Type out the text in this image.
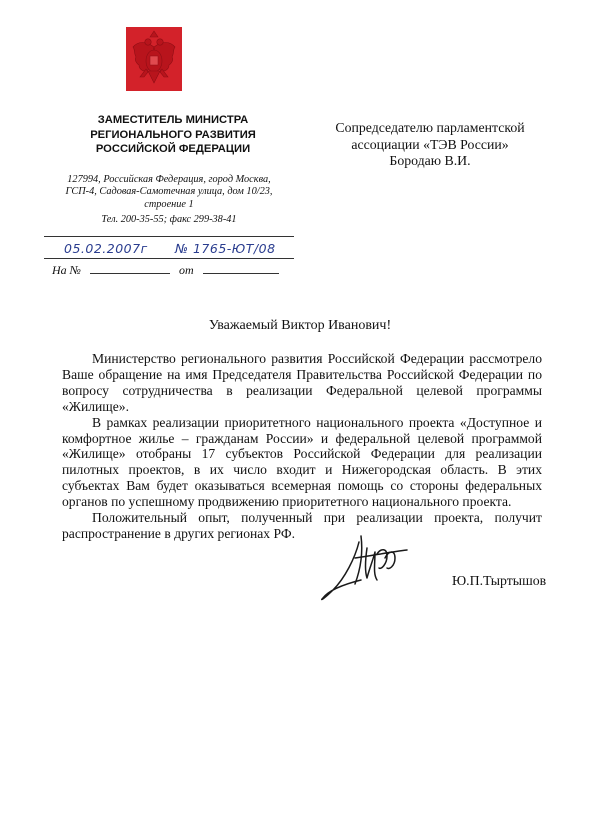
ЗАМЕСТИТЕЛЬ МИНИСТРА
РЕГИОНАЛЬНОГО РАЗВИТИЯ
РОССИЙСКОЙ ФЕДЕРАЦИИ
127994, Российская Федерация, город Москва,
ГСП-4, Садовая-Самотечная улица, дом 10/23,
строение 1
Тел. 200-35-55; факс 299-38-41
05.02.2007г № 1765-ЮТ/08
На №	от
Сопредседателю парламентской
ассоциации «ТЭВ России»
Бородаю В.И.
Уважаемый Виктор Иванович!

Министерство регионального развития Российской Федерации рассмотрело Ваше обращение на имя Председателя Правительства Российской Федерации по вопросу сотрудничества в реализации Федеральной целевой программы «Жилище».

В рамках реализации приоритетного национального проекта «Доступное и комфортное жилье – гражданам России» и федеральной целевой программой «Жилище» отобраны 17 субъектов Российской Федерации для реализации пилотных проектов, в их число входит и Нижегородская область. В этих субъектах Вам будет оказываться всемерная помощь со стороны федеральных органов по успешному продвижению приоритетного национального проекта.

Положительный опыт, полученный при реализации проекта, получит распространение в других регионах РФ.

Ю.П.Тыртышов
